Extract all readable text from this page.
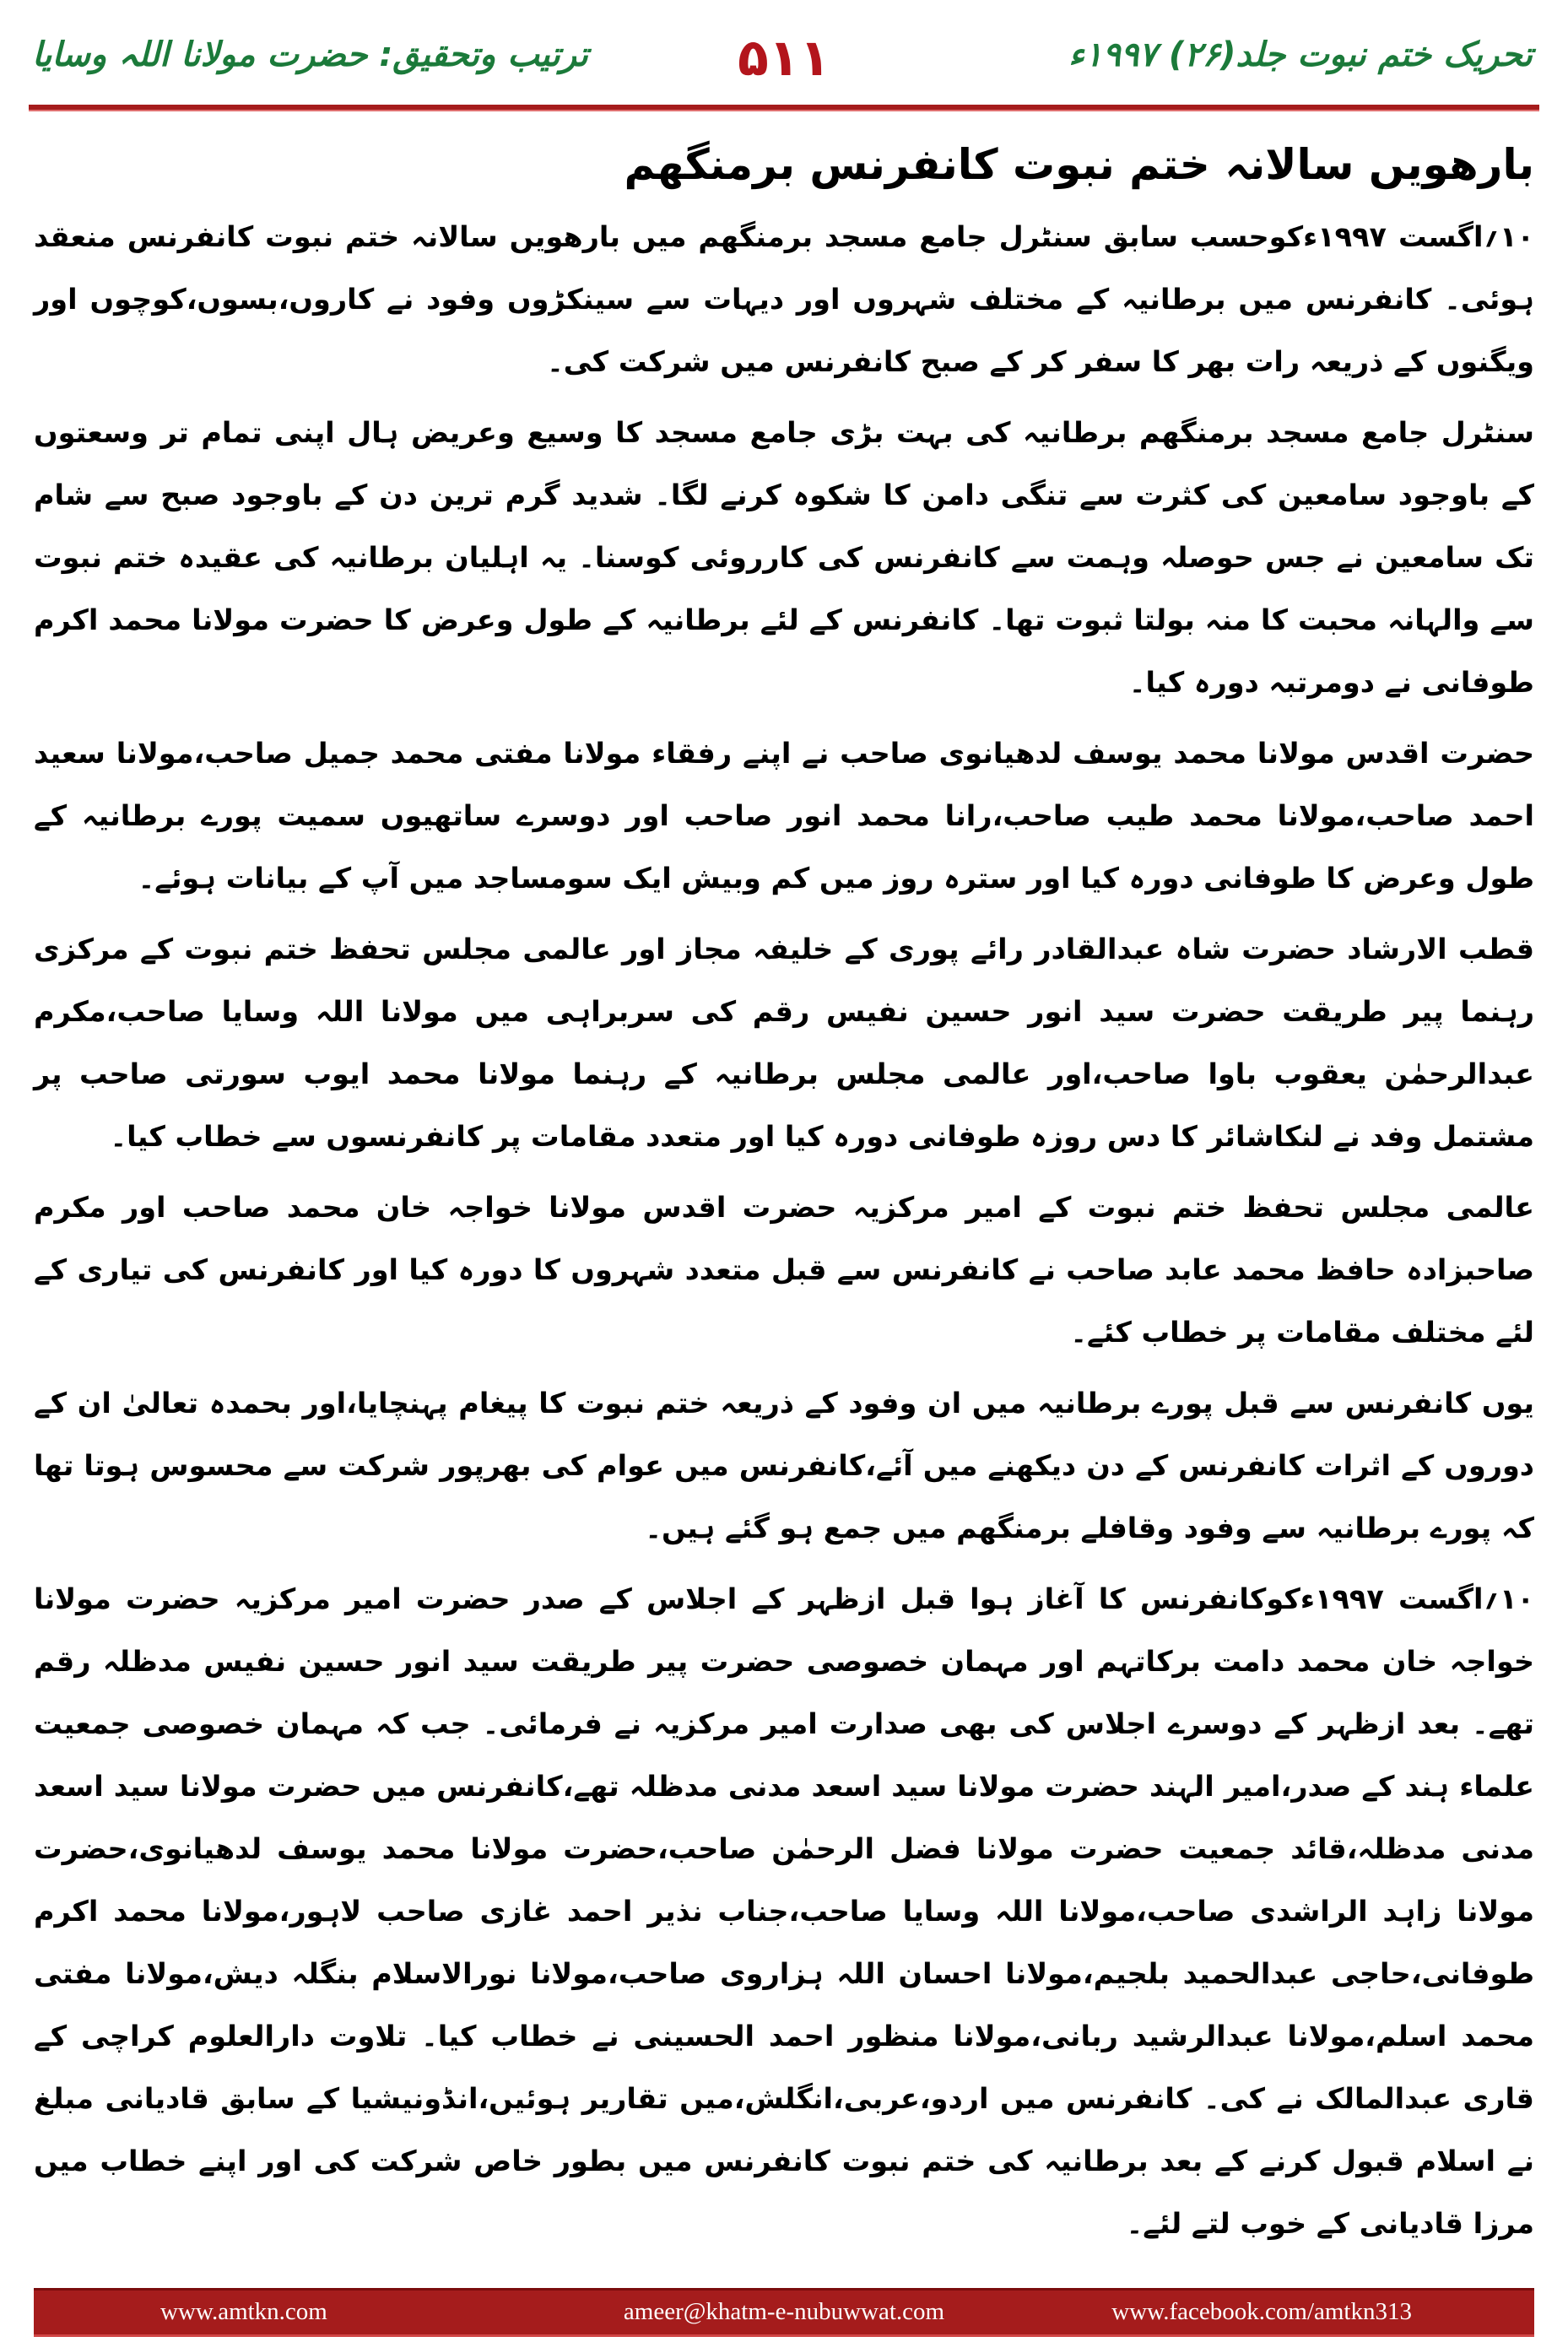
تحریک ختم نبوت جلد(۲۶) ۱۹۹۷ء
۵۱۱
ترتیب وتحقیق: حضرت مولانا اللہ وسایا
بارھویں سالانہ ختم نبوت کانفرنس برمنگھم

۱۰؍اگست ۱۹۹۷ءکوحسب سابق سنٹرل جامع مسجد برمنگھم میں بارھویں سالانہ ختم نبوت کانفرنس منعقد ہوئی۔ کانفرنس میں برطانیہ کے مختلف شہروں اور دیہات سے سینکڑوں وفود نے کاروں،بسوں،کوچوں اور ویگنوں کے ذریعہ رات بھر کا سفر کر کے صبح کانفرنس میں شرکت کی۔

سنٹرل جامع مسجد برمنگھم برطانیہ کی بہت بڑی جامع مسجد کا وسیع وعریض ہال اپنی تمام تر وسعتوں کے باوجود سامعین کی کثرت سے تنگی دامن کا شکوہ کرنے لگا۔ شدید گرم ترین دن کے باوجود صبح سے شام تک سامعین نے جس حوصلہ وہمت سے کانفرنس کی کارروئی کوسنا۔ یہ اہلیان برطانیہ کی عقیدہ ختم نبوت سے والہانہ محبت کا منہ بولتا ثبوت تھا۔ کانفرنس کے لئے برطانیہ کے طول وعرض کا حضرت مولانا محمد اکرم طوفانی نے دومرتبہ دورہ کیا۔

حضرت اقدس مولانا محمد یوسف لدھیانوی صاحب نے اپنے رفقاء مولانا مفتی محمد جمیل صاحب،مولانا سعید احمد صاحب،مولانا محمد طیب صاحب،رانا محمد انور صاحب اور دوسرے ساتھیوں سمیت پورے برطانیہ کے طول وعرض کا طوفانی دورہ کیا اور سترہ روز میں کم وبیش ایک سومساجد میں آپ کے بیانات ہوئے۔

قطب الارشاد حضرت شاہ عبدالقادر رائے پوری کے خلیفہ مجاز اور عالمی مجلس تحفظ ختم نبوت کے مرکزی رہنما پیر طریقت حضرت سید انور حسین نفیس رقم کی سربراہی میں مولانا اللہ وسایا صاحب،مکرم عبدالرحمٰن یعقوب باوا صاحب،اور عالمی مجلس برطانیہ کے رہنما مولانا محمد ایوب سورتی صاحب پر مشتمل وفد نے لنکاشائر کا دس روزہ طوفانی دورہ کیا اور متعدد مقامات پر کانفرنسوں سے خطاب کیا۔

عالمی مجلس تحفظ ختم نبوت کے امیر مرکزیہ حضرت اقدس مولانا خواجہ خان محمد صاحب اور مکرم صاحبزادہ حافظ محمد عابد صاحب نے کانفرنس سے قبل متعدد شہروں کا دورہ کیا اور کانفرنس کی تیاری کے لئے مختلف مقامات پر خطاب کئے۔

یوں کانفرنس سے قبل پورے برطانیہ میں ان وفود کے ذریعہ ختم نبوت کا پیغام پہنچایا،اور بحمدہ تعالیٰ ان کے دوروں کے اثرات کانفرنس کے دن دیکھنے میں آئے،کانفرنس میں عوام کی بھرپور شرکت سے محسوس ہوتا تھا کہ پورے برطانیہ سے وفود وقافلے برمنگھم میں جمع ہو گئے ہیں۔

۱۰؍اگست ۱۹۹۷ءکوکانفرنس کا آغاز ہوا قبل ازظہر کے اجلاس کے صدر حضرت امیر مرکزیہ حضرت مولانا خواجہ خان محمد دامت برکاتہم اور مہمان خصوصی حضرت پیر طریقت سید انور حسین نفیس مدظلہ رقم تھے۔ بعد ازظہر کے دوسرے اجلاس کی بھی صدارت امیر مرکزیہ نے فرمائی۔ جب کہ مہمان خصوصی جمعیت علماء ہند کے صدر،امیر الہند حضرت مولانا سید اسعد مدنی مدظلہ تھے،کانفرنس میں حضرت مولانا سید اسعد مدنی مدظلہ،قائد جمعیت حضرت مولانا فضل الرحمٰن صاحب،حضرت مولانا محمد یوسف لدھیانوی،حضرت مولانا زاہد الراشدی صاحب،مولانا اللہ وسایا صاحب،جناب نذیر احمد غازی صاحب لاہور،مولانا محمد اکرم طوفانی،حاجی عبدالحمید بلجیم،مولانا احسان اللہ ہزاروی صاحب،مولانا نورالاسلام بنگلہ دیش،مولانا مفتی محمد اسلم،مولانا عبدالرشید ربانی،مولانا منظور احمد الحسینی نے خطاب کیا۔ تلاوت دارالعلوم کراچی کے قاری عبدالمالک نے کی۔ کانفرنس میں اردو،عربی،انگلش،میں تقاریر ہوئیں،انڈونیشیا کے سابق قادیانی مبلغ نے اسلام قبول کرنے کے بعد برطانیہ کی ختم نبوت کانفرنس میں بطور خاص شرکت کی اور اپنے خطاب میں مرزا قادیانی کے خوب لتے لئے۔

www.amtkn.com	ameer@khatm-e-nubuwwat.com	www.facebook.com/amtkn313
